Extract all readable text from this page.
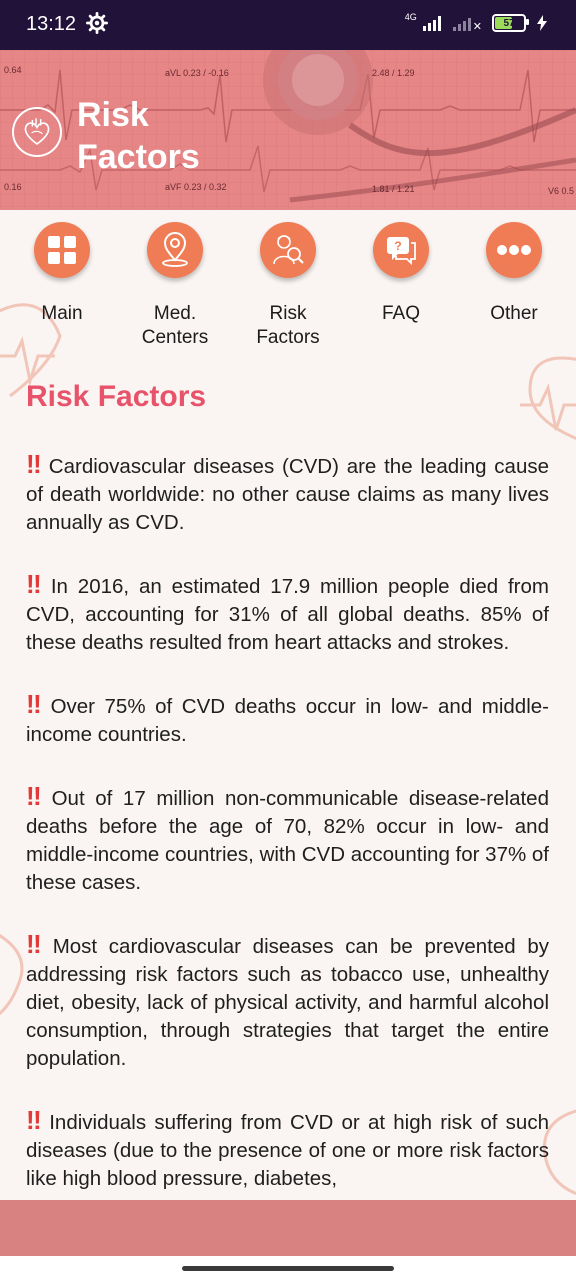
13:12	4G
✕ 57
0.64	aVL 0.23 / -0.16	2.48 / 1.29
0.16	aVF 0.23 / 0.32	1.81 / 1.21	V6 0.5
Risk Factors
Main	Med.
Centers
Risk
Factors
?
FAQ	Other
Risk Factors

‼ Cardiovascular diseases (CVD) are the leading cause of death worldwide: no other cause claims as many lives annually as CVD.

‼ In 2016, an estimated 17.9 million people died from CVD, accounting for 31% of all global deaths. 85% of these deaths resulted from heart attacks and strokes.

‼ Over 75% of CVD deaths occur in low- and middle-income countries.

‼ Out of 17 million non-communicable disease-related deaths before the age of 70, 82% occur in low- and middle-income countries, with CVD accounting for 37% of these cases.

‼ Most cardiovascular diseases can be prevented by addressing risk factors such as tobacco use, unhealthy diet, obesity, lack of physical activity, and harmful alcohol consumption, through strategies that target the entire population.

‼ Individuals suffering from CVD or at high risk of such diseases (due to the presence of one or more risk factors like high blood pressure, diabetes,
